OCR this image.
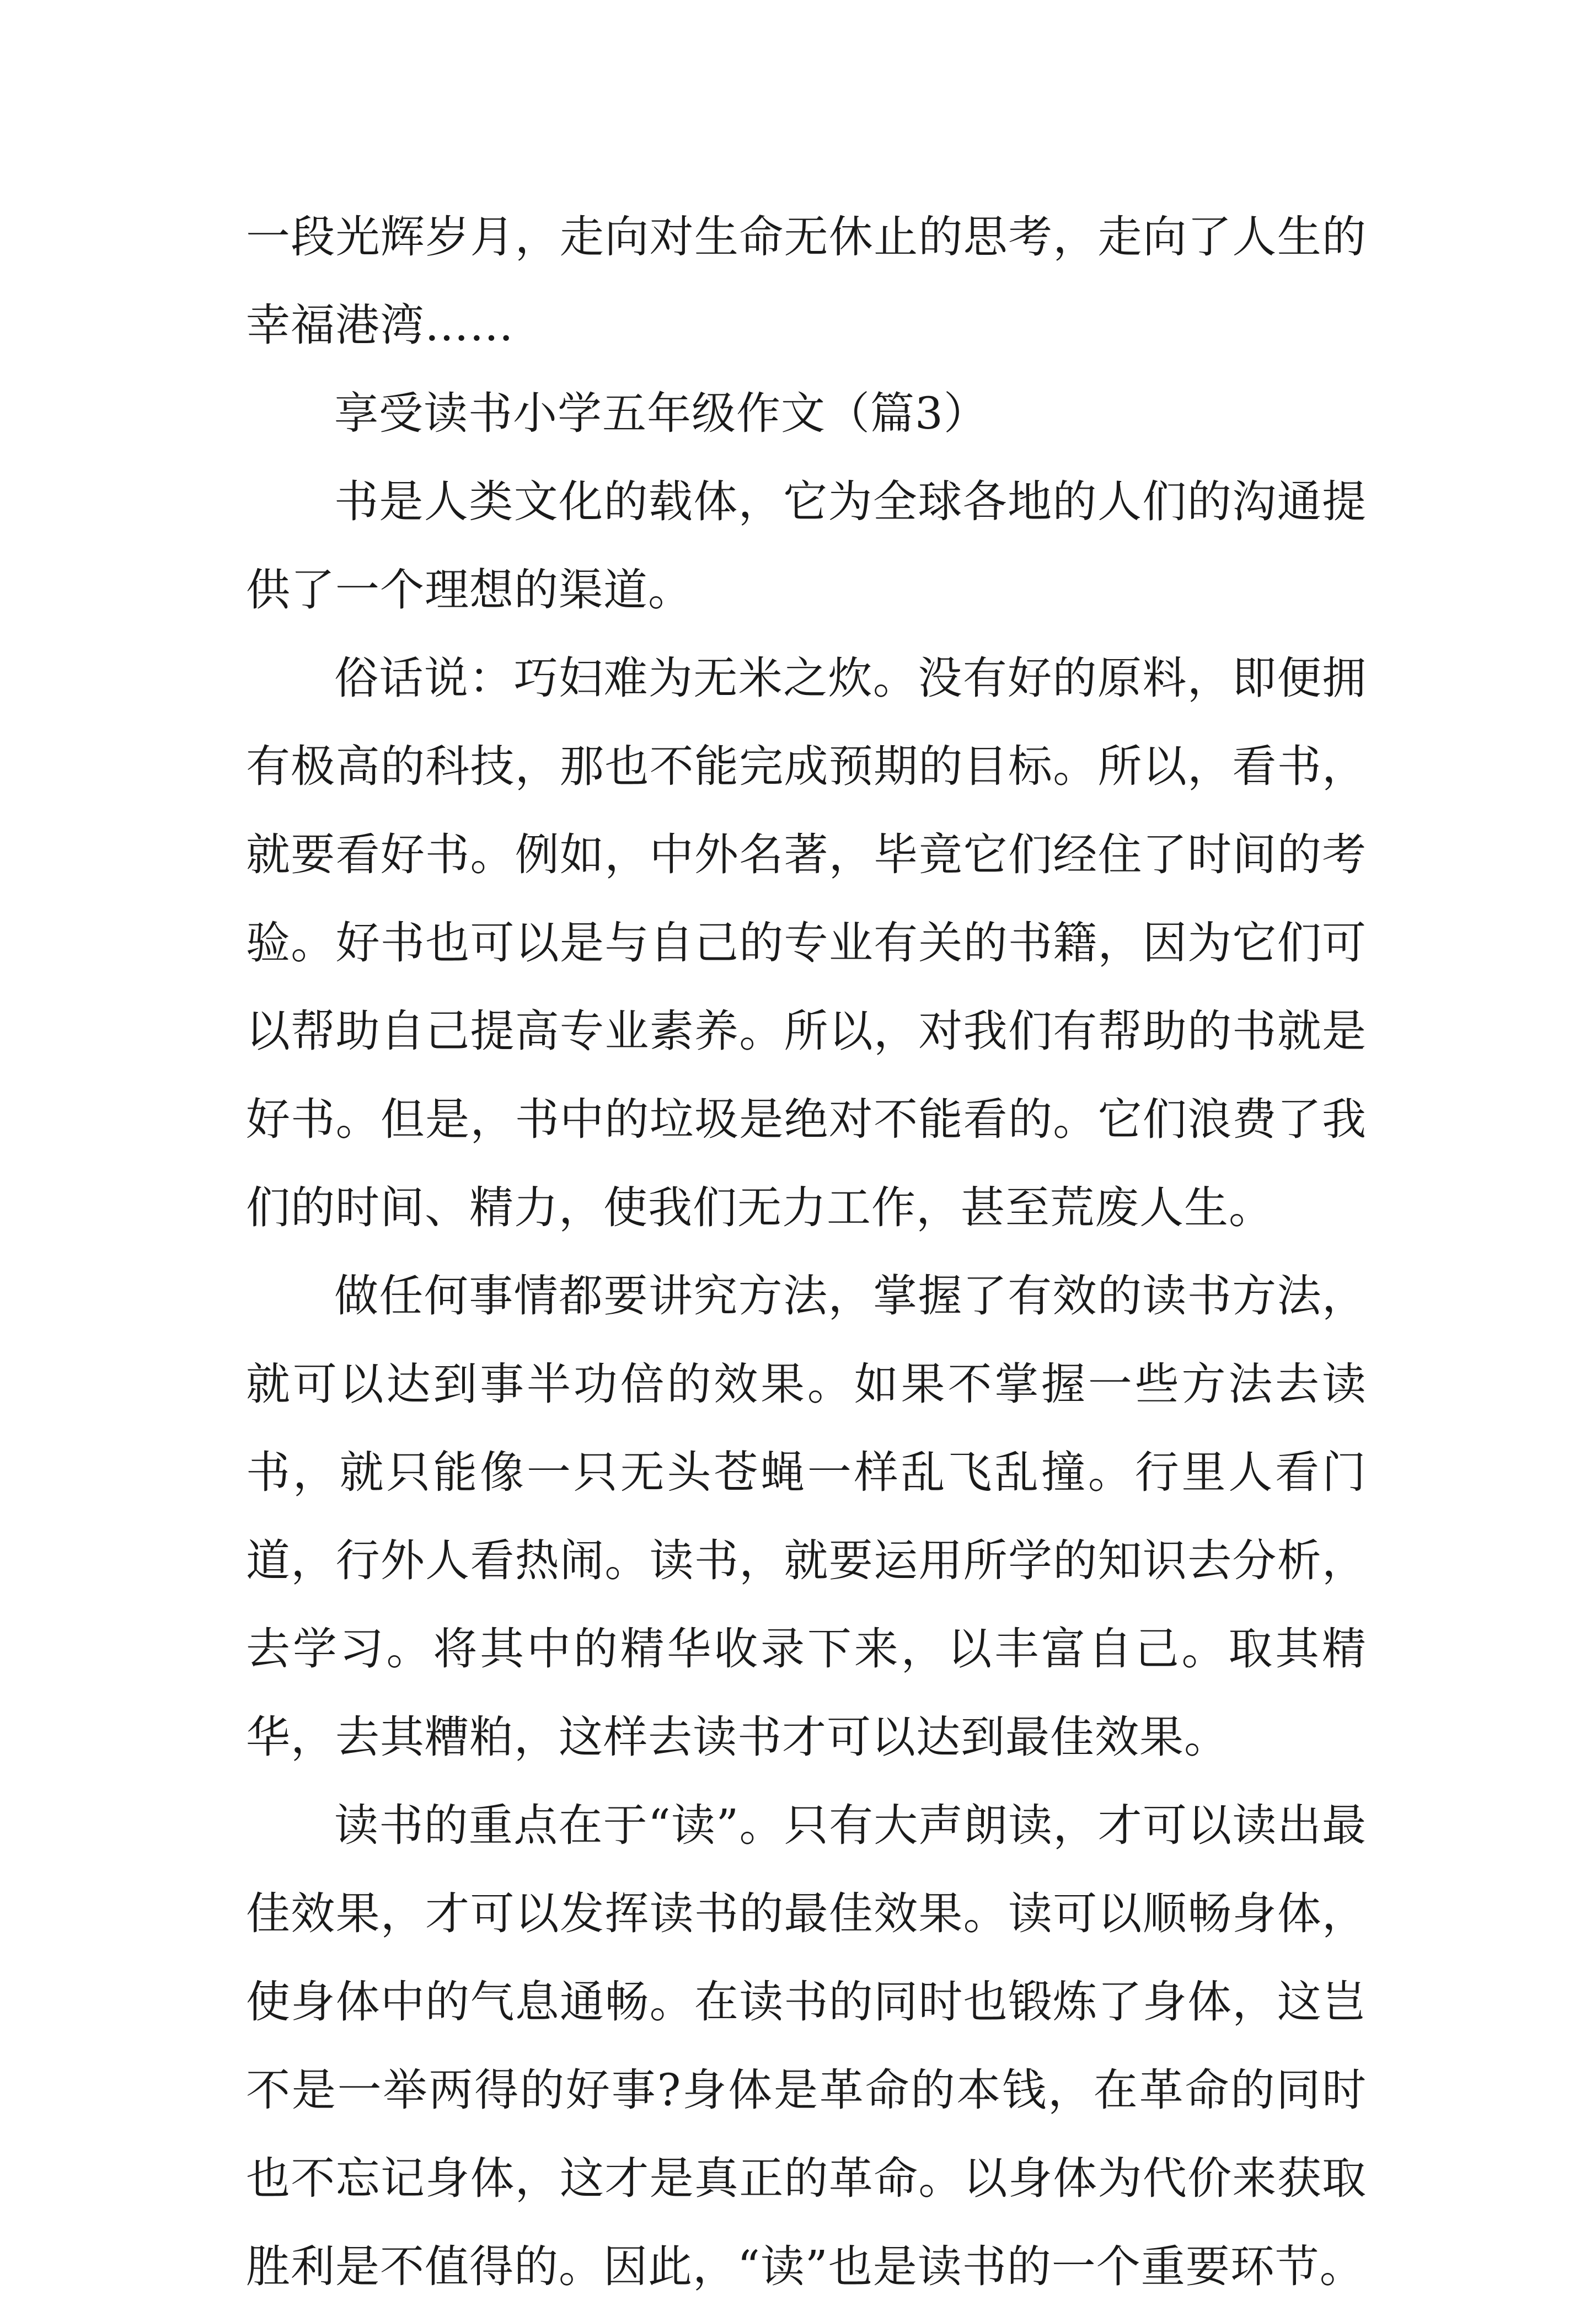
一段光辉岁月，走向对生命无休止的思考，走向了人生的幸福港湾……

享受读书小学五年级作文（篇3）

书是人类文化的载体，它为全球各地的人们的沟通提供了一个理想的渠道。

俗话说：巧妇难为无米之炊。没有好的原料，即便拥有极高的科技，那也不能完成预期的目标。所以，看书，就要看好书。例如，中外名著，毕竟它们经住了时间的考验。好书也可以是与自己的专业有关的书籍，因为它们可以帮助自己提高专业素养。所以，对我们有帮助的书就是好书。但是，书中的垃圾是绝对不能看的。它们浪费了我们的时间、精力，使我们无力工作，甚至荒废人生。

做任何事情都要讲究方法，掌握了有效的读书方法，就可以达到事半功倍的效果。如果不掌握一些方法去读书，就只能像一只无头苍蝇一样乱飞乱撞。行里人看门道，行外人看热闹。读书，就要运用所学的知识去分析，去学习。将其中的精华收录下来，以丰富自己。取其精华，去其糟粕，这样去读书才可以达到最佳效果。

读书的重点在于“读”。只有大声朗读，才可以读出最佳效果，才可以发挥读书的最佳效果。读可以顺畅身体，使身体中的气息通畅。在读书的同时也锻炼了身体，这岂不是一举两得的好事?身体是革命的本钱，在革命的同时也不忘记身体，这才是真正的革命。以身体为代价来获取胜利是不值得的。因此，“读”也是读书的一个重要环节。
